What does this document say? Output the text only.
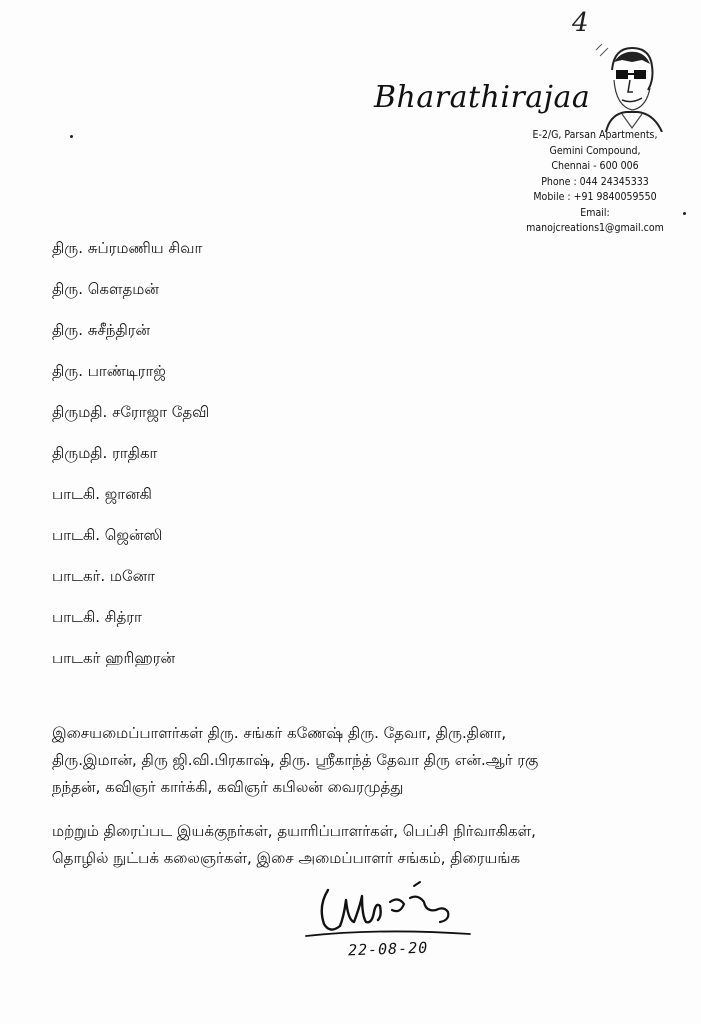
4
Bharathirajaa
E-2/G, Parsan Apartments,
Gemini Compound,
Chennai - 600 006
Phone : 044 24345333
Mobile : +91 9840059550
Email:
manojcreations1@gmail.com
திரு. சுப்ரமணிய சிவா
திரு. கௌதமன்
திரு. சுசீந்திரன்
திரு. பாண்டிராஜ்
திருமதி. சரோஜா தேவி
திருமதி. ராதிகா
பாடகி. ஜானகி
பாடகி. ஜென்ஸி
பாடகர். மனோ
பாடகி. சித்ரா
பாடகர் ஹரிஹரன்
இசையமைப்பாளர்கள் திரு. சங்கர் கணேஷ் திரு. தேவா, திரு.தினா,
திரு.இமான், திரு ஜி.வி.பிரகாஷ், திரு. ஸ்ரீகாந்த் தேவா திரு என்.ஆர் ரகு
நந்தன், கவிஞர் கார்க்கி, கவிஞர் கபிலன் வைரமுத்து
மற்றும் திரைப்பட இயக்குநர்கள், தயாரிப்பாளர்கள், பெப்சி நிர்வாகிகள்,
தொழில் நுட்பக் கலைஞர்கள், இசை அமைப்பாளர் சங்கம், திரையங்க
22-08-20
